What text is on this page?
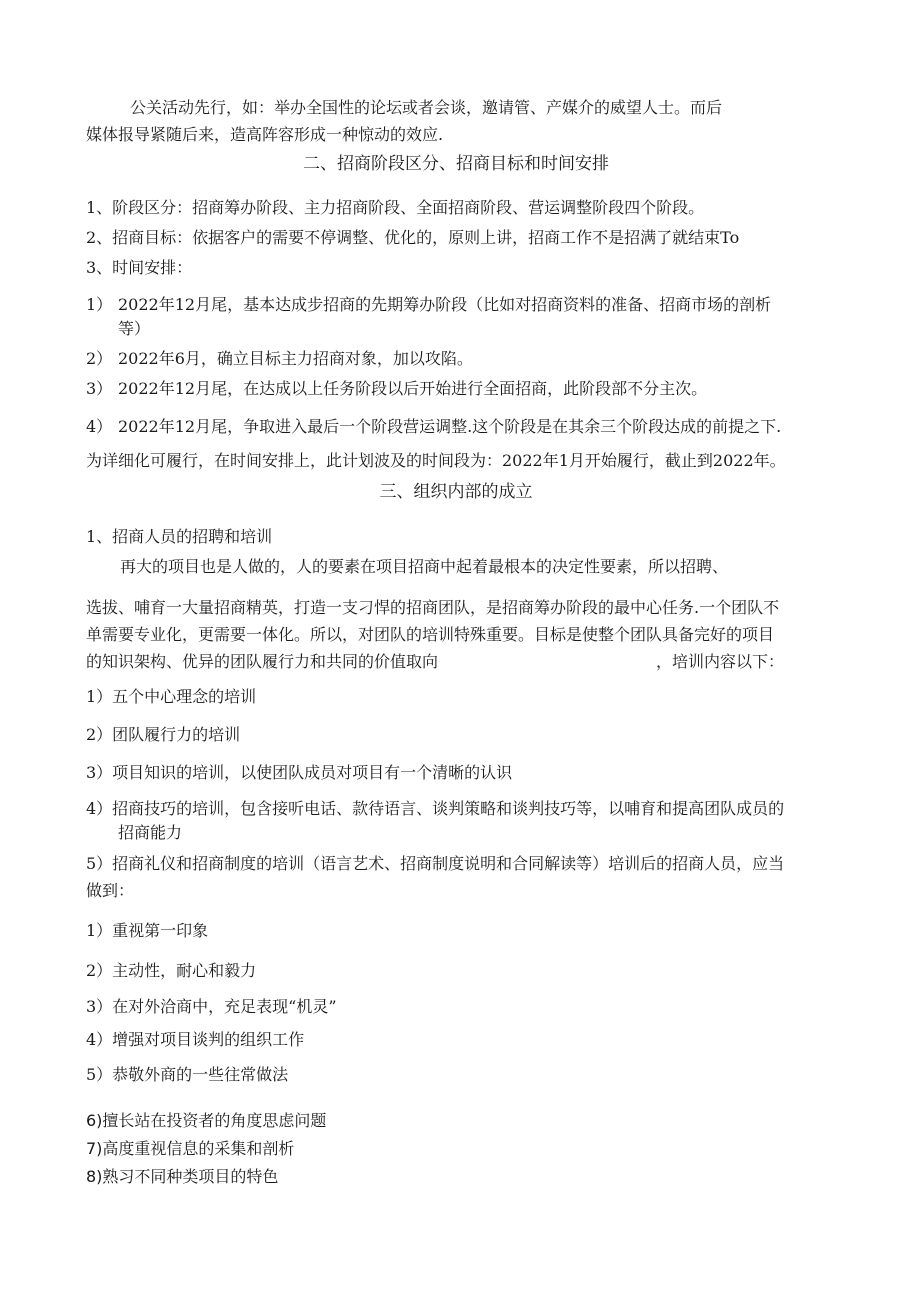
公关活动先行，如：举办全国性的论坛或者会谈，邀请管、产媒介的威望人士。而后
媒体报导紧随后来，造高阵容形成一种惊动的效应.
二、招商阶段区分、招商目标和时间安排
1、阶段区分：招商筹办阶段、主力招商阶段、全面招商阶段、营运调整阶段四个阶段。
2、招商目标：依据客户的需要不停调整、优化的，原则上讲，招商工作不是招满了就结束To
3、时间安排：
1） 2022年12月尾，基本达成步招商的先期筹办阶段（比如对招商资料的准备、招商市场的剖析
等）
2） 2022年6月，确立目标主力招商对象，加以攻陷。
3） 2022年12月尾，在达成以上任务阶段以后开始进行全面招商，此阶段部不分主次。
4） 2022年12月尾，争取进入最后一个阶段营运调整.这个阶段是在其余三个阶段达成的前提之下.
为详细化可履行，在时间安排上，此计划波及的时间段为：2022年1月开始履行，截止到2022年。
三、组织内部的成立
1、招商人员的招聘和培训
再大的项目也是人做的，人的要素在项目招商中起着最根本的决定性要素，所以招聘、
选拔、哺育一大量招商精英，打造一支刁悍的招商团队，是招商筹办阶段的最中心任务.一个团队不
单需要专业化，更需要一体化。所以，对团队的培训特殊重要。目标是使整个团队具备完好的项目
的知识架构、优异的团队履行力和共同的价值取向	，培训内容以下：
1）五个中心理念的培训
2）团队履行力的培训
3）项目知识的培训，以使团队成员对项目有一个清晰的认识
4）招商技巧的培训，包含接听电话、款待语言、谈判策略和谈判技巧等，以哺育和提高团队成员的
招商能力
5）招商礼仪和招商制度的培训（语言艺术、招商制度说明和合同解读等）培训后的招商人员，应当
做到：
1）重视第一印象
2）主动性，耐心和毅力
3）在对外洽商中，充足表现“机灵”
4）增强对项目谈判的组织工作
5）恭敬外商的一些往常做法
6)擅长站在投资者的角度思虑问题
7)高度重视信息的采集和剖析
8)熟习不同种类项目的特色
